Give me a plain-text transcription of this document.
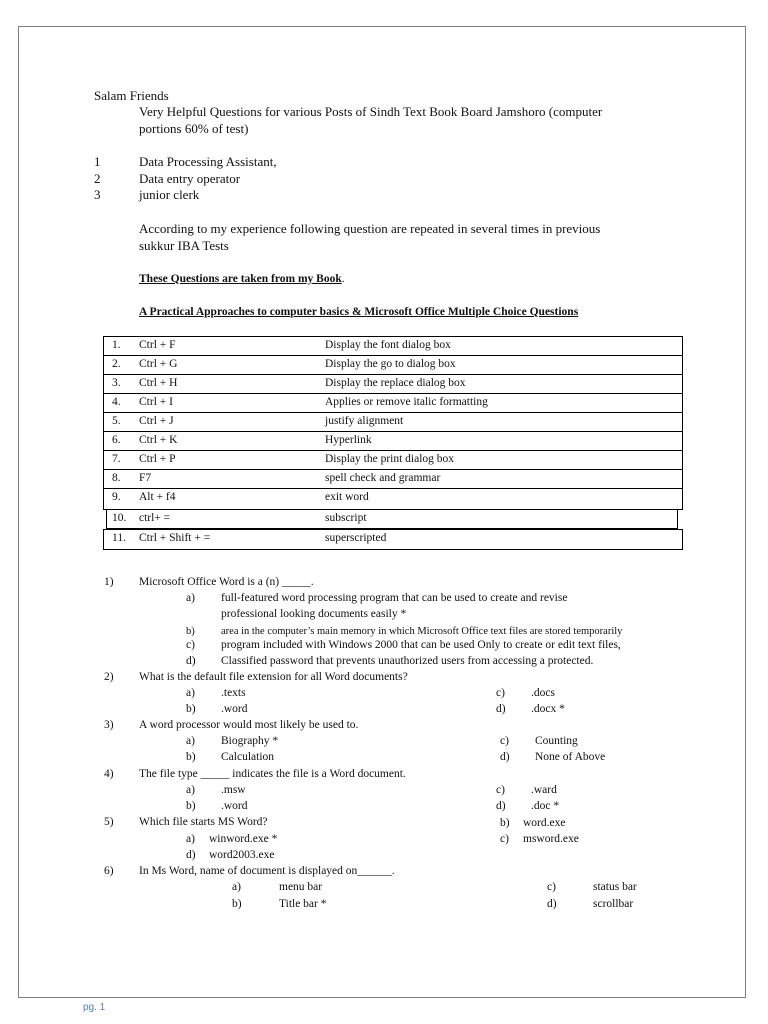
Salam Friends
Very Helpful Questions for various Posts of Sindh Text Book Board Jamshoro (computer
portions 60% of test)
1	Data Processing Assistant,
2	Data entry operator
3	junior clerk
According to my experience following question are repeated in several times in previous
sukkur IBA Tests
These Questions are taken from my Book.
A Practical Approaches to computer basics & Microsoft Office Multiple Choice Questions
1. Ctrl + F	Display the font dialog box
2. Ctrl + G	Display the go to dialog box
3. Ctrl + H	Display the replace dialog box
4. Ctrl + I	Applies or remove italic formatting
5. Ctrl + J	justify alignment
6. Ctrl + K	Hyperlink
7. Ctrl + P	Display the print dialog box
8. F7	spell check and grammar
9. Alt + f4	exit word
10. ctrl+ =	subscript
11. Ctrl + Shift + =	superscripted
1) Microsoft Office Word is a (n) _____.
a) full-featured word processing program that can be used to create and revise
professional looking documents easily *
b)	area in the computer’s main memory in which Microsoft Office text files are stored temporarily
c) program included with Windows 2000 that can be used Only to create or edit text files,
d) Classified password that prevents unauthorized users from accessing a protected.
2) What is the default file extension for all Word documents?
a) .texts	c) .docs
b) .word	d) .docx *
3) A word processor would most likely be used to.
a) Biography *	c) Counting
b) Calculation	d) None of Above
4) The file type _____ indicates the file is a Word document.
a) .msw	c) .ward
b) .word	d) .doc *
5) Which file starts MS Word?
a) winword.exe *
b) word.exe
c) msword.exe
d) word2003.exe
6) In Ms Word, name of document is displayed on______.
a)	menu bar	c)	status bar
b)	Title bar *	d)	scrollbar
pg. 1
